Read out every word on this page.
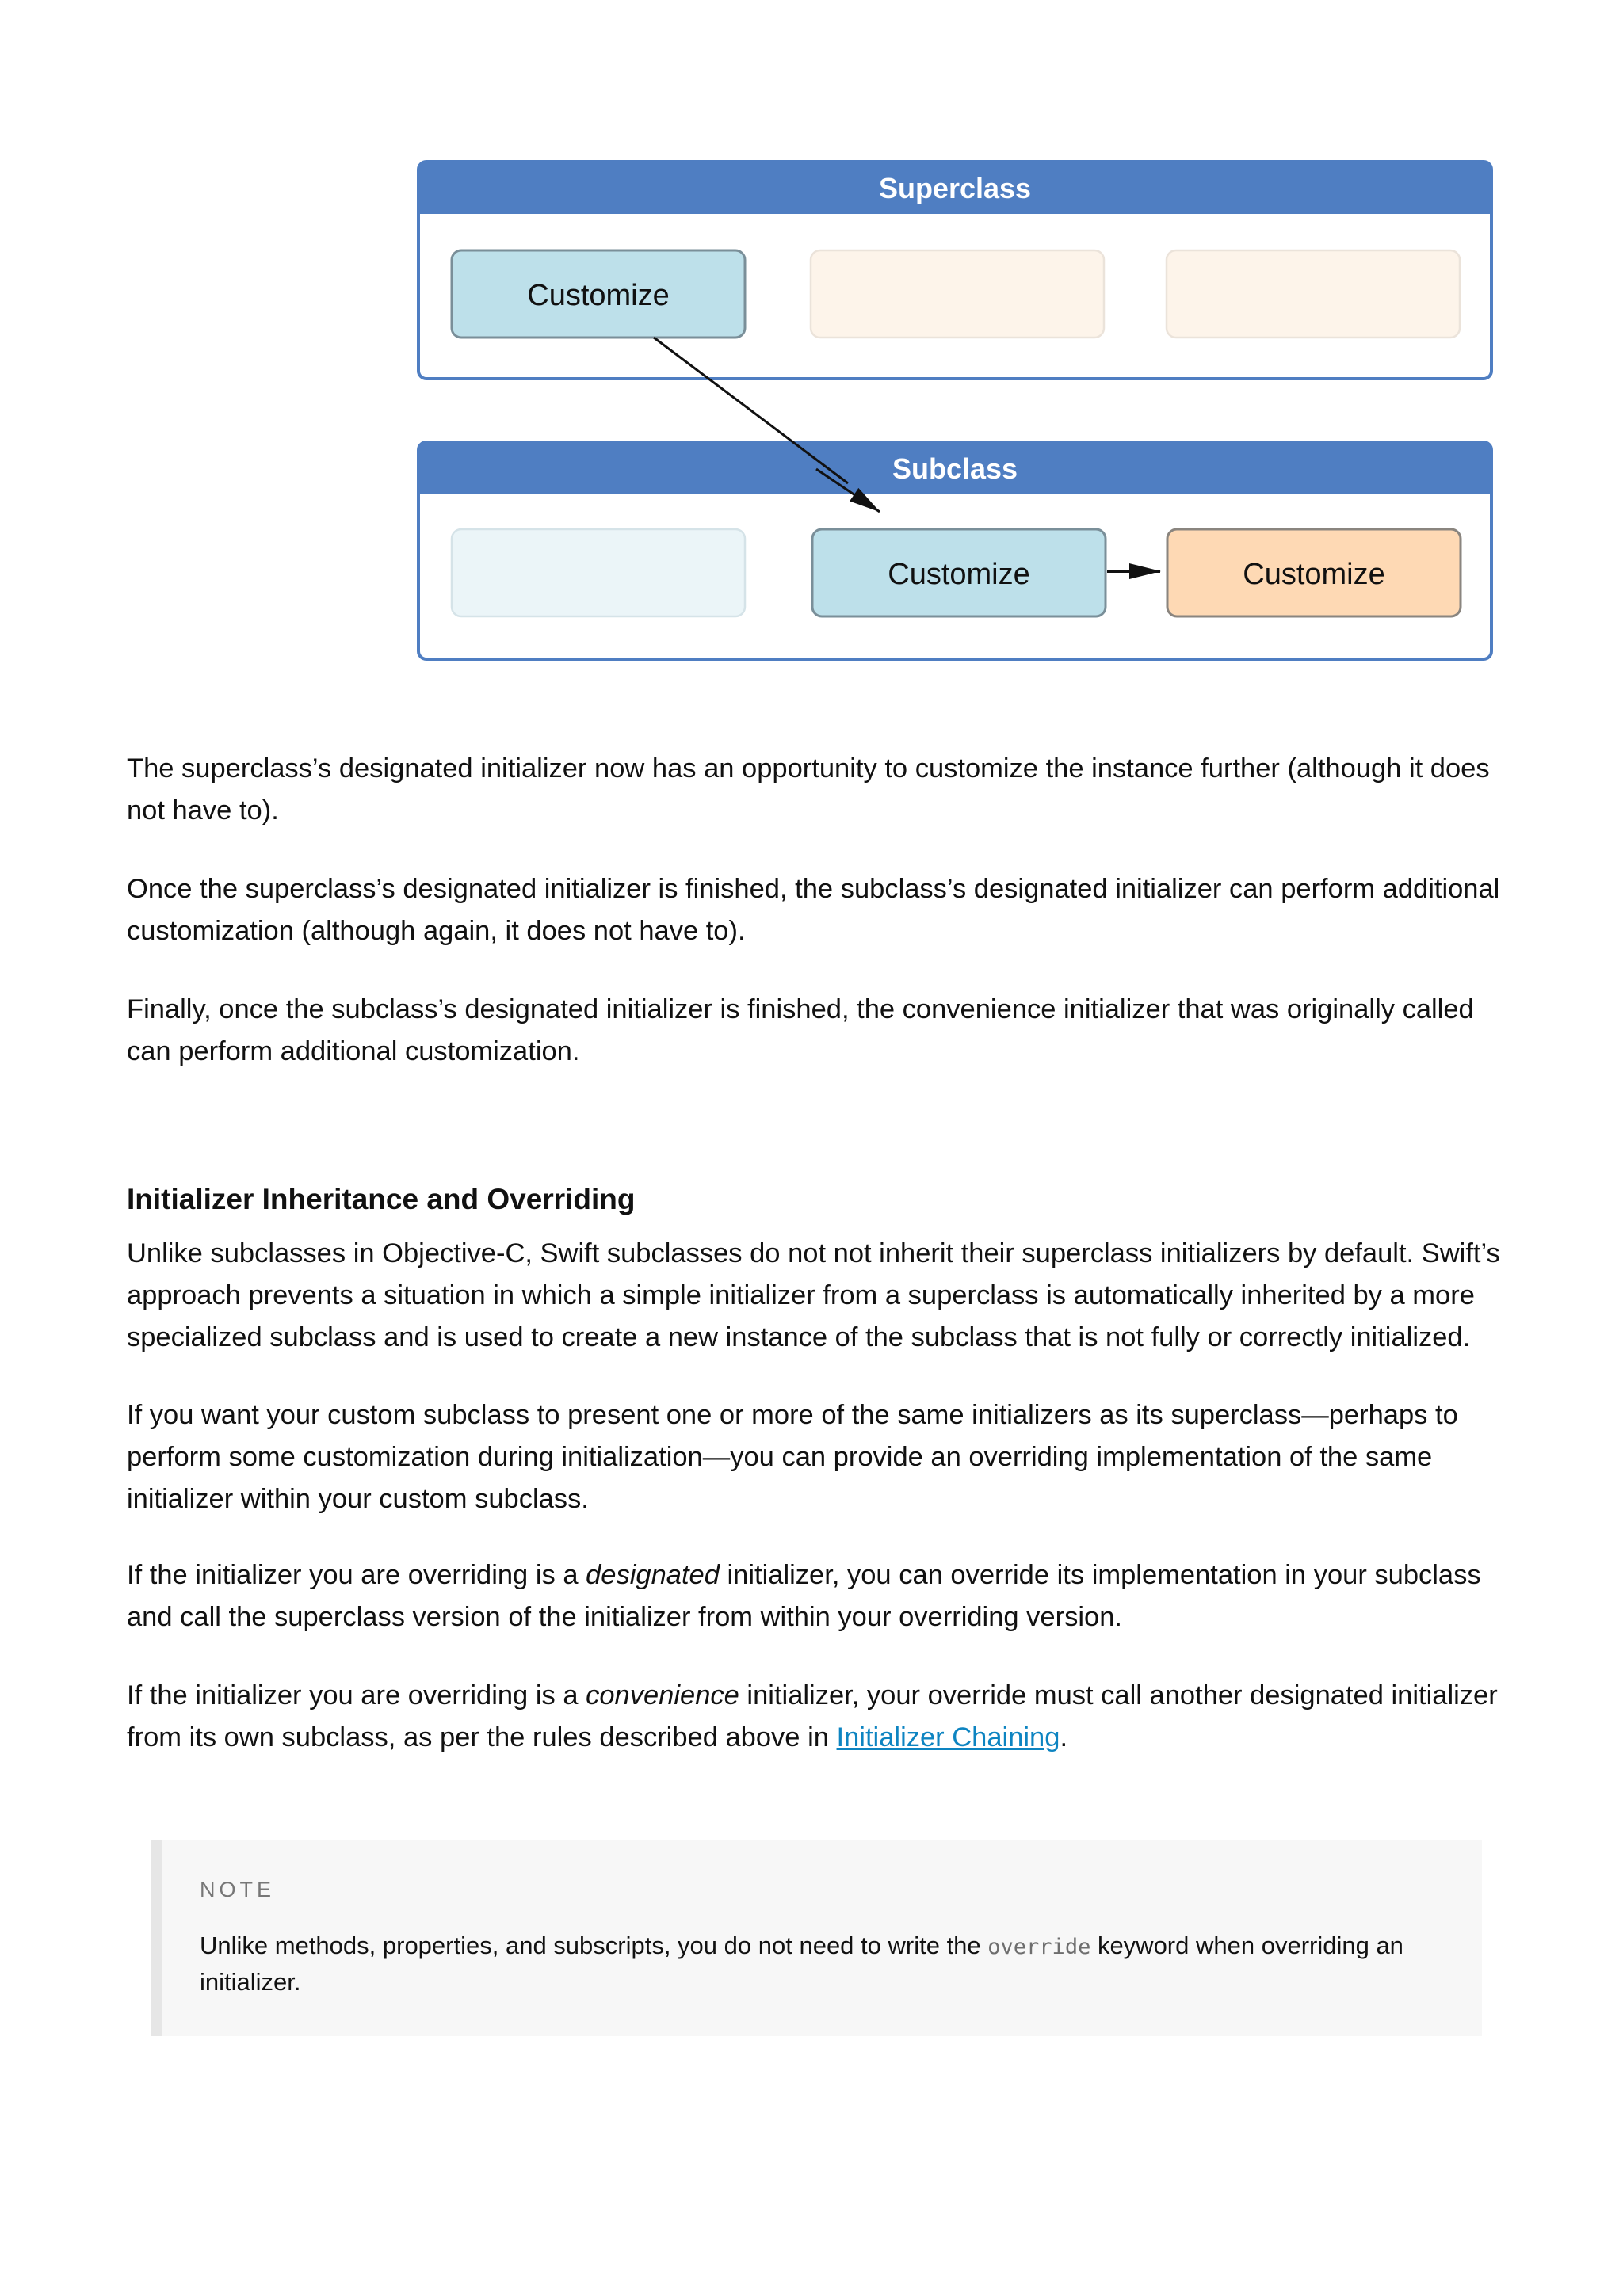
Superclass
Customize
Subclass
Customize	Customize

The superclass’s designated initializer now has an opportunity to customize the instance further (although it does not have to).

Once the superclass’s designated initializer is finished, the subclass’s designated initializer can perform additional customization (although again, it does not have to).

Finally, once the subclass’s designated initializer is finished, the convenience initializer that was originally called can perform additional customization.

Initializer Inheritance and Overriding

Unlike subclasses in Objective-C, Swift subclasses do not not inherit their superclass initializers by default. Swift’s approach prevents a situation in which a simple initializer from a superclass is automatically inherited by a more specialized subclass and is used to create a new instance of the subclass that is not fully or correctly initialized.

If you want your custom subclass to present one or more of the same initializers as its superclass—perhaps to perform some customization during initialization—you can provide an overriding implementation of the same initializer within your custom subclass.

If the initializer you are overriding is a designated initializer, you can override its implementation in your subclass and call the superclass version of the initializer from within your overriding version.

If the initializer you are overriding is a convenience initializer, your override must call another designated initializer from its own subclass, as per the rules described above in Initializer Chaining.

NOTE

Unlike methods, properties, and subscripts, you do not need to write the override keyword when overriding an initializer.
